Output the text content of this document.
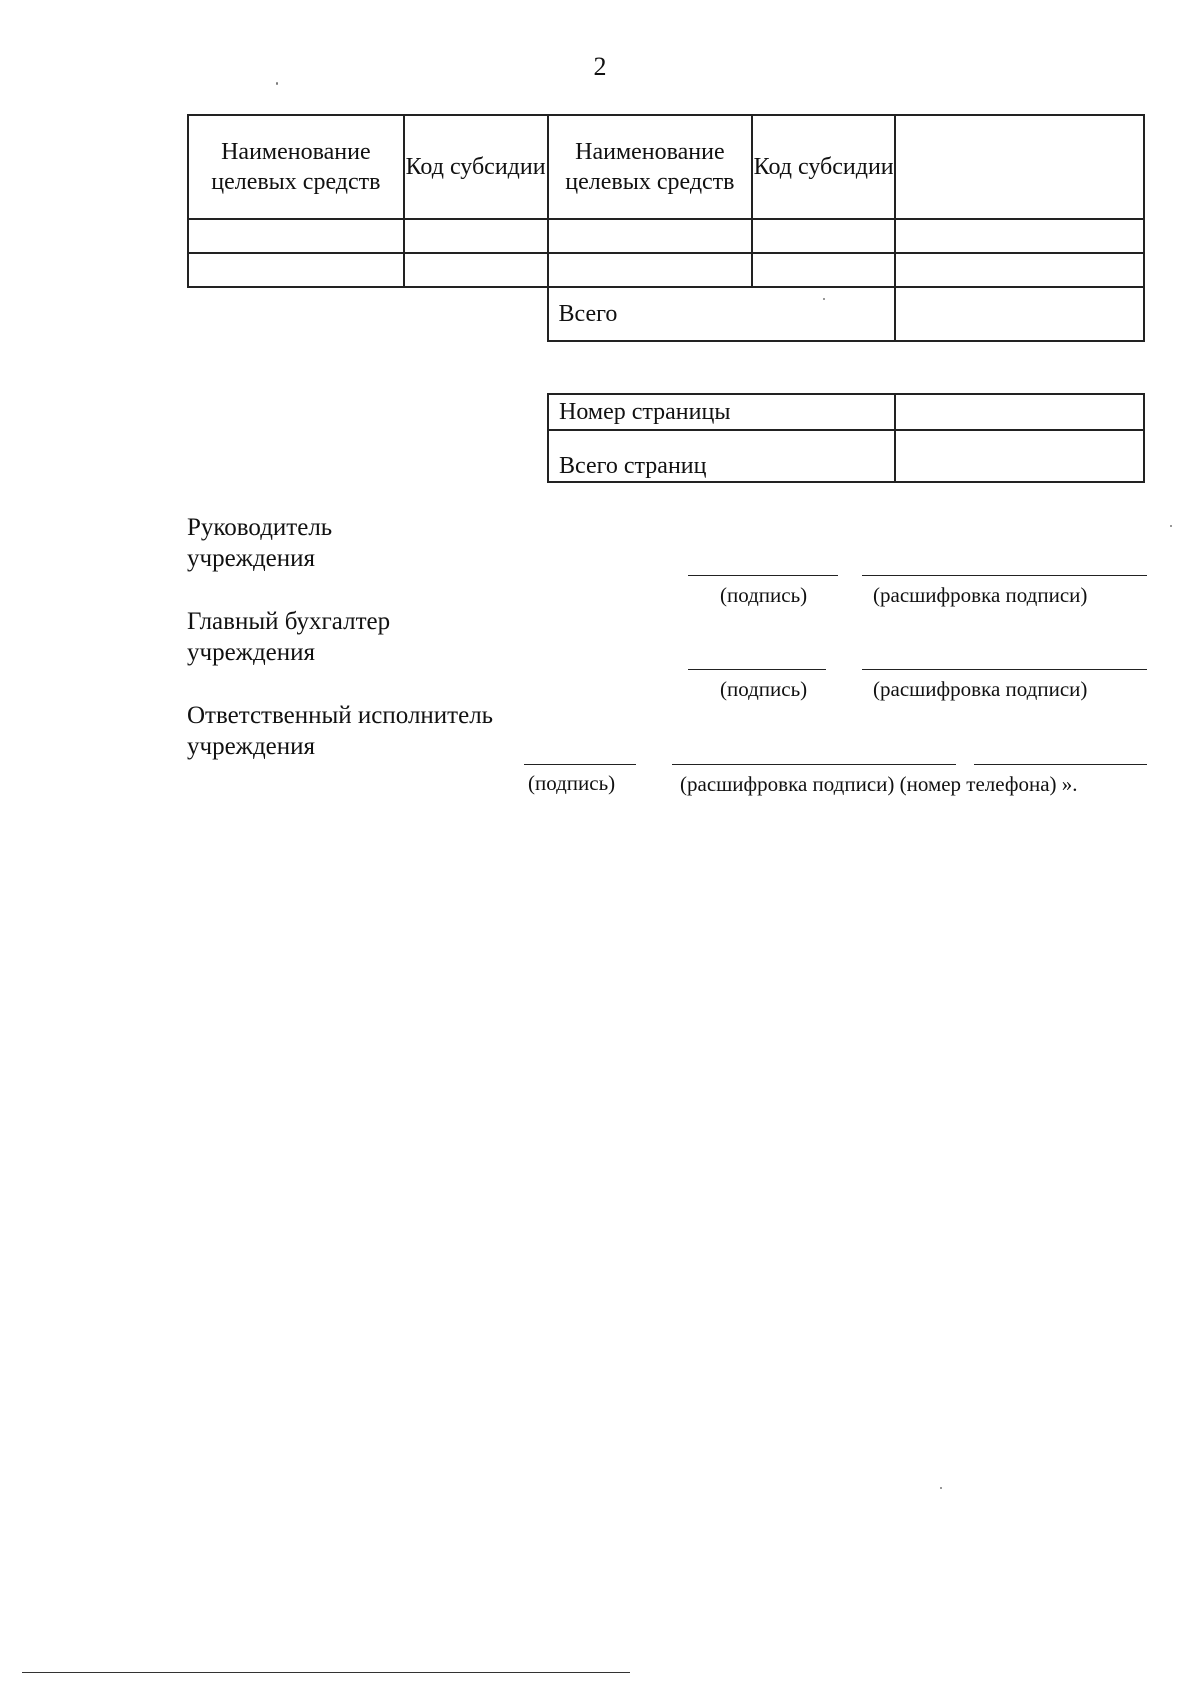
2
Наименование целевых средств	Код субсидии	Наименование целевых средств	Код субсидии	

		Всего		
Номер страницы	
Всего страниц	
Руководитель учреждения
(подпись)	(расшифровка подписи)
Главный бухгалтер учреждения
(подпись)	(расшифровка подписи)
Ответственный исполнитель учреждения
(подпись)	(расшифровка подписи) (номер телефона) ».
